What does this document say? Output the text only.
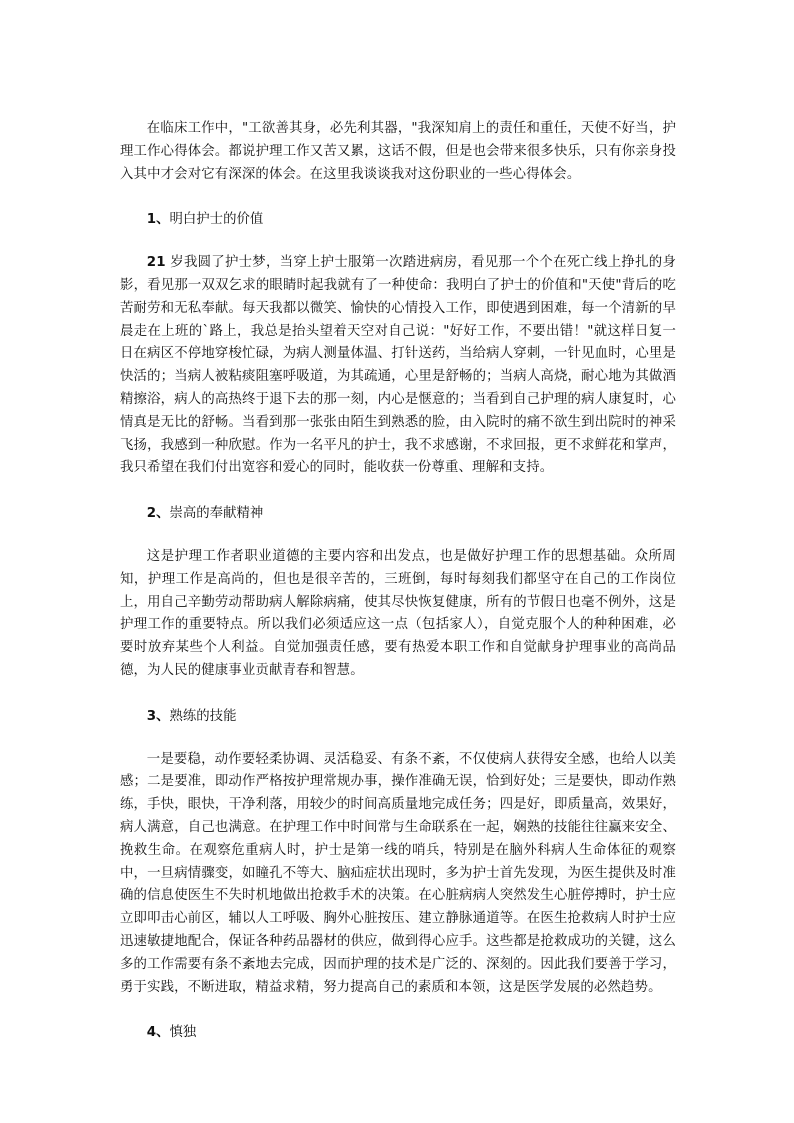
在临床工作中，"工欲善其身，必先利其器，"我深知肩上的责任和重任，天使不好当，护理工作心得体会。都说护理工作又苦又累，这话不假，但是也会带来很多快乐，只有你亲身投入其中才会对它有深深的体会。在这里我谈谈我对这份职业的一些心得体会。

1、明白护士的价值

21 岁我圆了护士梦，当穿上护士服第一次踏进病房，看见那一个个在死亡线上挣扎的身影，看见那一双双乞求的眼睛时起我就有了一种使命：我明白了护士的价值和"天使"背后的吃苦耐劳和无私奉献。每天我都以微笑、愉快的心情投入工作，即使遇到困难，每一个清新的早晨走在上班的`路上，我总是抬头望着天空对自己说："好好工作，不要出错！"就这样日复一日在病区不停地穿梭忙碌，为病人测量体温、打针送药，当给病人穿刺，一针见血时，心里是快活的；当病人被粘痰阻塞呼吸道，为其疏通，心里是舒畅的；当病人高烧，耐心地为其做酒精擦浴，病人的高热终于退下去的那一刻，内心是惬意的；当看到自己护理的病人康复时，心情真是无比的舒畅。当看到那一张张由陌生到熟悉的脸，由入院时的痛不欲生到出院时的神采飞扬，我感到一种欣慰。作为一名平凡的护士，我不求感谢，不求回报，更不求鲜花和掌声，我只希望在我们付出宽容和爱心的同时，能收获一份尊重、理解和支持。

2、崇高的奉献精神

这是护理工作者职业道德的主要内容和出发点，也是做好护理工作的思想基础。众所周知，护理工作是高尚的，但也是很辛苦的，三班倒，每时每刻我们都坚守在自己的工作岗位上，用自己辛勤劳动帮助病人解除病痛，使其尽快恢复健康，所有的节假日也毫不例外，这是护理工作的重要特点。所以我们必须适应这一点（包括家人），自觉克服个人的种种困难，必要时放弃某些个人利益。自觉加强责任感，要有热爱本职工作和自觉献身护理事业的高尚品德，为人民的健康事业贡献青春和智慧。

3、熟练的技能

一是要稳，动作要轻柔协调、灵活稳妥、有条不紊，不仅使病人获得安全感，也给人以美感；二是要准，即动作严格按护理常规办事，操作准确无误，恰到好处；三是要快，即动作熟练，手快，眼快，干净利落，用较少的时间高质量地完成任务；四是好，即质量高，效果好，病人满意，自己也满意。在护理工作中时间常与生命联系在一起，娴熟的技能往往赢来安全、挽救生命。在观察危重病人时，护士是第一线的哨兵，特别是在脑外科病人生命体征的观察中，一旦病情骤变，如瞳孔不等大、脑疝症状出现时，多为护士首先发现，为医生提供及时准确的信息使医生不失时机地做出抢救手术的决策。在心脏病病人突然发生心脏停搏时，护士应立即叩击心前区，辅以人工呼吸、胸外心脏按压、建立静脉通道等。在医生抢救病人时护士应迅速敏捷地配合，保证各种药品器材的供应，做到得心应手。这些都是抢救成功的关键，这么多的工作需要有条不紊地去完成，因而护理的技术是广泛的、深刻的。因此我们要善于学习，勇于实践，不断进取，精益求精，努力提高自己的素质和本领，这是医学发展的必然趋势。

4、慎独
